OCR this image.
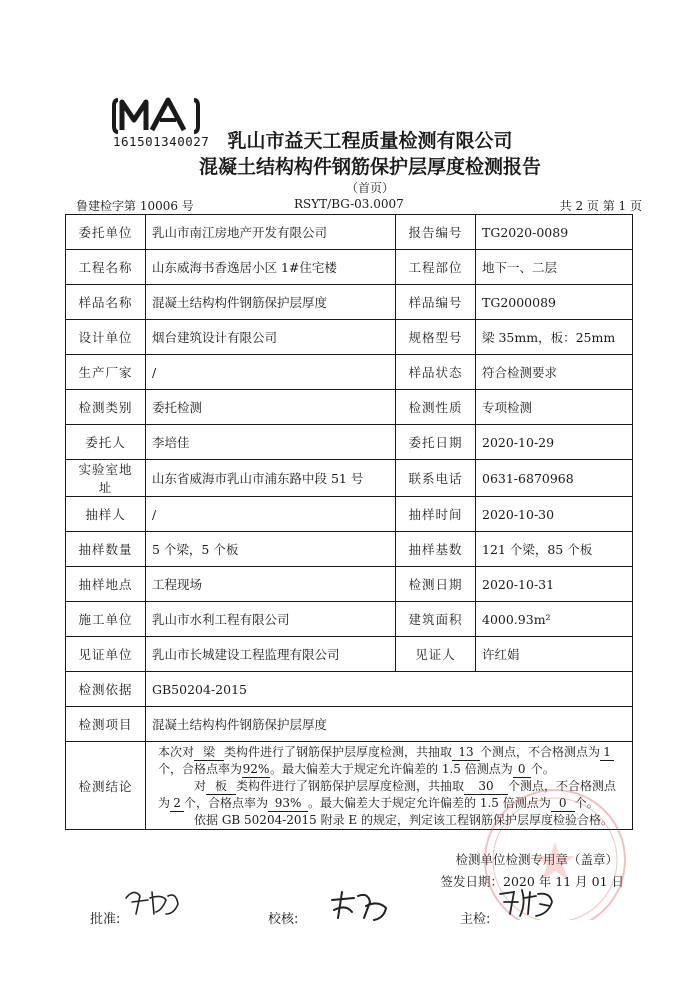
161501340027 乳山市益天工程质量检测有限公司
混凝土结构构件钢筋保护层厚度检测报告
（首页）
鲁建检字第 10006 号	RSYT/BG-03.0007	共 2 页 第 1 页
委托单位	乳山市南江房地产开发有限公司	报告编号	TG2020-0089
工程名称	山东威海书香逸居小区 1#住宅楼	工程部位	地下一、二层
样品名称	混凝土结构构件钢筋保护层厚度	样品编号	TG2000089
设计单位	烟台建筑设计有限公司	规格型号	梁 35mm，板：25mm
生产厂家	/	样品状态	符合检测要求
检测类别	委托检测	检测性质	专项检测
委托人	李培佳	委托日期	2020-10-29
实验室地址	山东省威海市乳山市浦东路中段 51 号	联系电话	0631-6870968
抽样人	/	抽样时间	2020-10-30
抽样数量	5 个梁，5 个板	抽样基数	121 个梁，85 个板
抽样地点	工程现场	检测日期	2020-10-31
施工单位	乳山市水利工程有限公司	建筑面积	4000.93m²
见证单位	乳山市长城建设工程监理有限公司	见证人	许红娟
检测依据	GB50204-2015		
检测项目	混凝土结构构件钢筋保护层厚度		
检测结论	本次对 梁 类构件进行了钢筋保护层厚度检测，共抽取 13 个测点，不合格测点为 1个，合格点率为92%。最大偏差大于规定允许偏差的 1.5 倍测点为 0 个。

对 板 类构件进行了钢筋保护层厚度检测，共抽取 30 个测点，不合格测点为 2 个，合格点率为 93% 。最大偏差大于规定允许偏差的 1.5 倍测点为 0 个。

依据 GB 50204-2015 附录 E 的规定，判定该工程钢筋保护层厚度检验合格。

检测单位检测专用章（盖章）
签发日期：2020 年 11 月 01 日		
批准:	校核:	主检:
